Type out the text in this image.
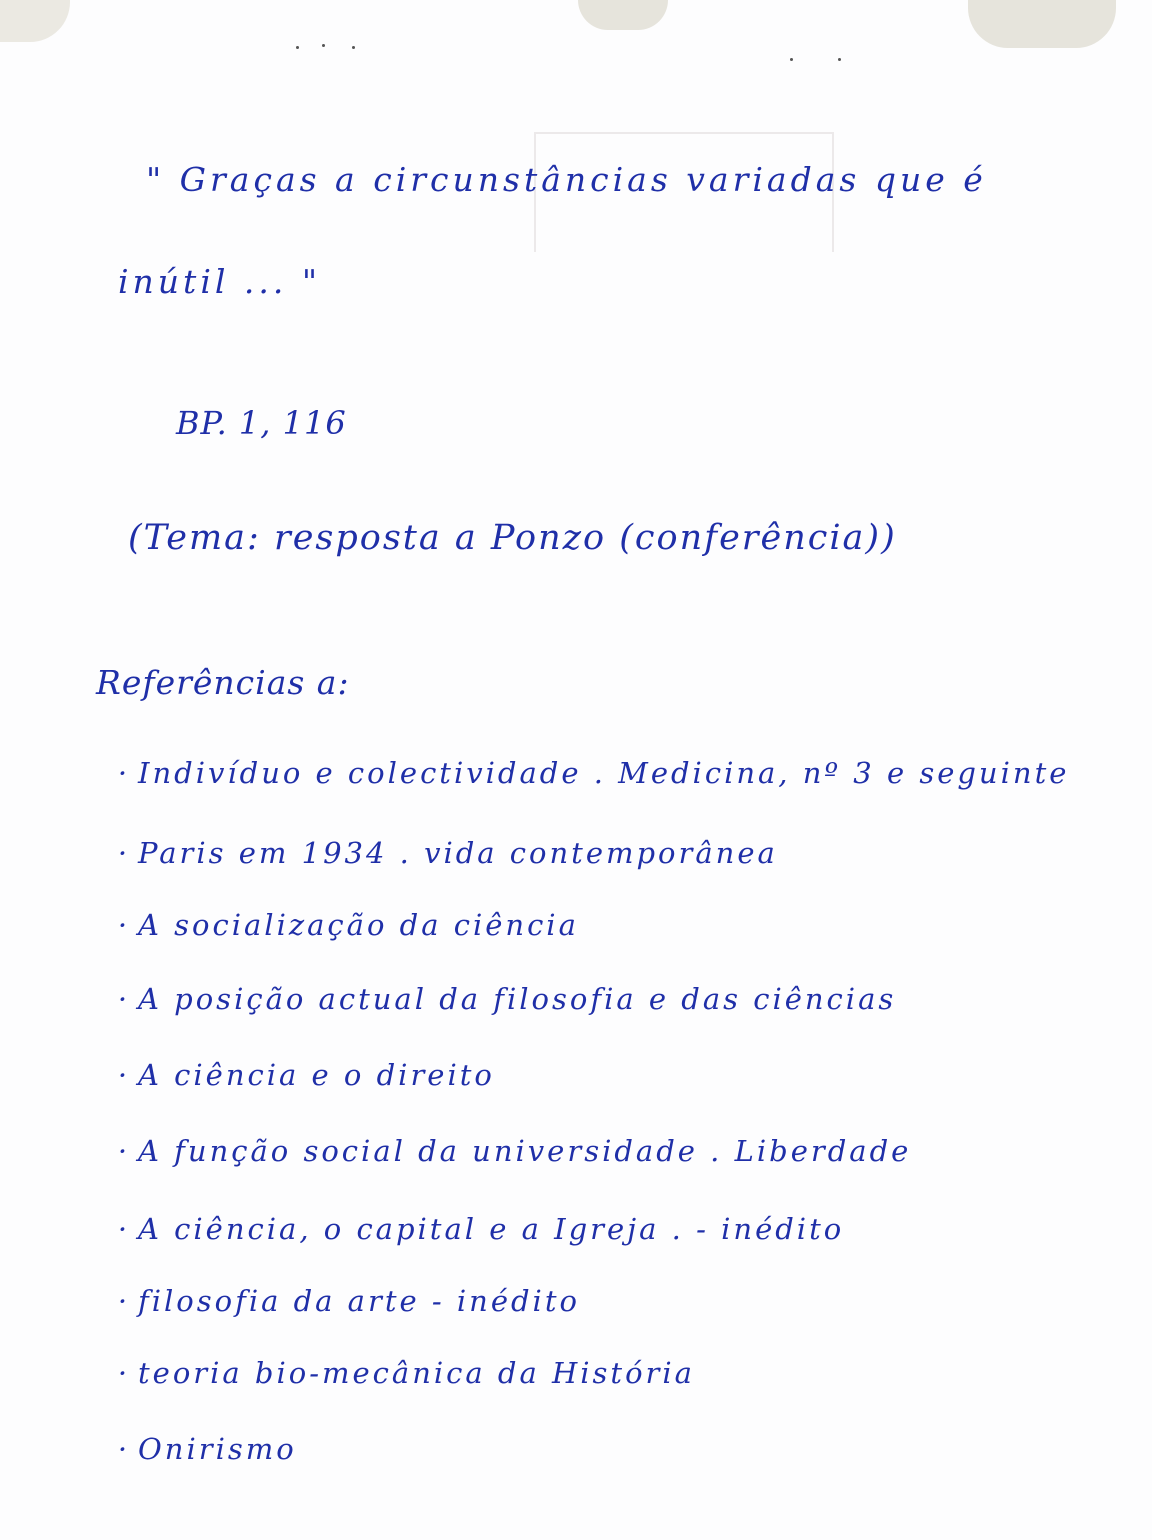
" Graças a circunstâncias variadas que é
inútil ... "
BP. 1, 116
(Tema: resposta a Ponzo (conferência))
Referências a:
· Indivíduo e colectividade . Medicina, nº 3 e seguinte
· Paris em 1934 . vida contemporânea
· A socialização da ciência
· A posição actual da filosofia e das ciências
· A ciência e o direito
· A função social da universidade . Liberdade
· A ciência, o capital e a Igreja . - inédito
· filosofia da arte - inédito
· teoria bio-mecânica da História
· Onirismo
